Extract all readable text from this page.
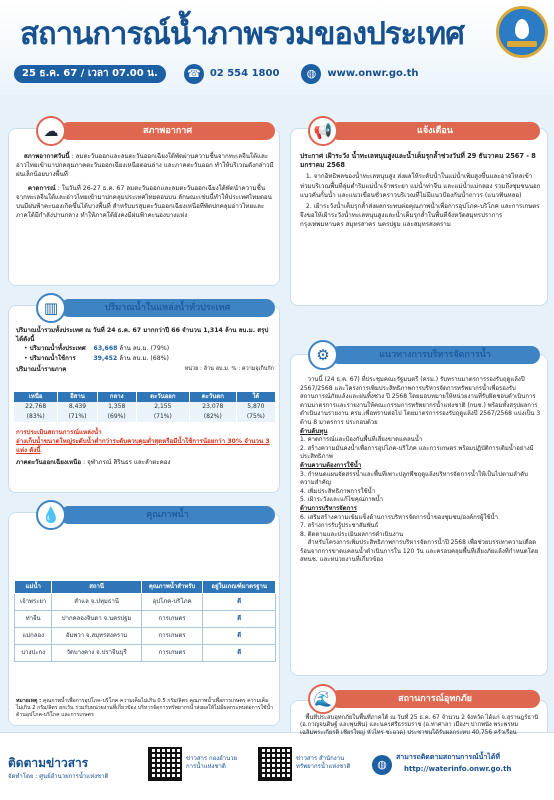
สถานการณ์น้ำภาพรวมของประเทศ
25 ธ.ค. 67 / เวลา 07.00 น.	☎ 02 554 1800	◍	www.onwr.go.th
สภาพอากาศ
☁

สภาพอากาศวันนี้ : ลมตะวันออกและลมตะวันออกเฉียงใต้พัดผ่านความชื้นจากทะเลจีนใต้และอ่าวไทยเข้ามาปกคลุมภาคตะวันออกเฉียงเหนือตอนล่าง และภาคตะวันออก ทำให้บริเวณดังกล่าวมีฝนเล็กน้อยบางพื้นที่

คาดการณ์ : ในวันที่ 26-27 ธ.ค. 67 ลมตะวันออกและลมตะวันออกเฉียงใต้พัดนำความชื้นจากทะเลจีนใต้และอ่าวไทยเข้ามาปกคลุมประเทศไทยตอนบน ลักษณะเช่นนี้ทำให้ประเทศไทยตอนบนมีฝนฟ้าคะนองเกิดขึ้นได้บางพื้นที่ สำหรับมรสุมตะวันออกเฉียงเหนือที่พัดปกคลุมอ่าวไทยและภาคใต้มีกำลังปานกลาง ทำให้ภาคใต้ยังคงมีฝนฟ้าคะนองบางแห่ง

ปริมาณน้ำในแหล่งน้ำทั่วประเทศ
▥

ปริมาณน้ำรวมทั้งประเทศ ณ วันที่ 24 ธ.ค. 67 มากกว่าปี 66 จำนวน 1,314 ล้าน ลบ.ม. สรุปได้ดังนี้

• ปริมาณน้ำทั้งประเทศ 63,668 ล้าน ลบ.ม. (79%)

• ปริมาณน้ำใช้การ	39,452 ล้าน ลบ.ม. (68%)

ปริมาณน้ำรายภาค	หน่วย : ล้าน ลบ.ม. % : ความจุเก็บกัก
เหนือ	อีสาน	กลาง	ตะวันออก	ตะวันตก	ใต้
22,768	8,439	1,358	2,155	23,078	5,870
(83%)	(71%)	(69%)	(71%)	(82%)	(75%)

การประเมินสถานการณ์แหล่งน้ำ

อ่างเก็บน้ำขนาดใหญ่ระดับน้ำต่ำกว่าระดับควบคุมต่ำสุดหรือมีน้ำใช้การน้อยกว่า 30% จำนวน 3 แห่ง ดังนี้

ภาคตะวันออกเฉียงเหนือ : จุฬาภรณ์ สิรินธร และลำตะคอง

คุณภาพน้ำ
💧
แม่น้ำ	สถานี	คุณภาพน้ำสำหรับ	อยู่ในเกณฑ์มาตรฐาน
เจ้าพระยา	สำแล จ.ปทุมธานี	อุปโภค-บริโภค	ดี
ท่าจีน	ปากคลองจินดา จ.นครปฐม	การเกษตร	ดี
แม่กลอง	อัมพวา จ.สมุทรสงคราม	การเกษตร	ดี
บางปะกง	วัดบางคาง จ.ปราจีนบุรี	การเกษตร	ดี
หมายเหตุ : คุณภาพน้ำเพื่อการอุปโภค-บริโภค ความเค็มไม่เกิน 0.5 กรัม/ลิตร คุณภาพน้ำเพื่อการเกษตร ความเค็มไม่เกิน 2 กรัม/ลิตร ยกเว้น ร่วมกับหน่วยงานที่เกี่ยวข้อง บริหารจัดการทรัพยากรน้ำส่งผลให้ไม่มีผลกระทบต่อการใช้น้ำด้านอุปโภค-บริโภค และการเกษตร
แจ้งเตือน
📢

ประกาศ เฝ้าระวัง น้ำทะเลหนุนสูงและน้ำเค็มรุกล้ำช่วงวันที่ 29 ธันวาคม 2567 - 8 มกราคม 2568

1. จากอิทธิพลของน้ำทะเลหนุนสูง ส่งผลให้ระดับน้ำในแม่น้ำเพิ่มสูงขึ้นและอาจไหลเข้าท่วมบริเวณพื้นที่ลุ่มต่ำริมแม่น้ำเจ้าพระยา แม่น้ำท่าจีน และแม่น้ำแม่กลอง รวมถึงชุมชนนอกแนวคันกั้นน้ำ และแนวเขื่อนชั่วคราวบริเวณที่ไม่มีแนวป้องกันน้ำถาวร (แนวฟันหลอ)

2. เฝ้าระวังน้ำเค็มรุกล้ำส่งผลกระทบต่อคุณภาพน้ำเพื่อการอุปโภค-บริโภค และการเกษตร จึงขอให้เฝ้าระวังน้ำทะเลหนุนสูงและน้ำเค็มรุกล้ำในพื้นที่จังหวัดสมุทรปราการ กรุงเทพมหานคร สมุทรสาคร นครปฐม และสมุทรสงคราม

แนวทางการบริหารจัดการน้ำ
⚙

วานนี้ (24 ธ.ค. 67) ที่ประชุมคณะรัฐมนตรี (ครม.) รับทราบมาตรการรองรับฤดูแล้งปี 2567/2568 และโครงการเพิ่มประสิทธิภาพการบริหารจัดการทรัพยากรน้ำเพื่อรองรับสถานการณ์ภัยแล้งและฝนทิ้งช่วง ปี 2568 โดยมอบหมายให้หน่วยงานที่รับผิดชอบดำเนินการตามมาตรการและรายงานให้คณะกรรมการทรัพยากรน้ำแห่งชาติ (กนช.) พร้อมทั้งสรุปผลการดำเนินงานรายงาน ครม.เพื่อทราบต่อไป โดยมาตรการรองรับฤดูแล้งปี 2567/2568 แบ่งเป็น 3 ด้าน 8 มาตรการ ประกอบด้วย

ด้านต้นทุน

1. คาดการณ์และป้องกันพื้นที่เสี่ยงขาดแคลนน้ำ

2. สร้างความมั่นคงน้ำเพื่อการอุปโภค-บริโภค และการเกษตร พร้อมปฏิบัติการเติมน้ำอย่างมีประสิทธิภาพ

ด้านความต้องการใช้น้ำ

3. กำหนดแผนจัดสรรน้ำและพื้นที่เพาะปลูกพืชฤดูแล้งบริหารจัดการน้ำให้เป็นไปตามลำดับความสำคัญ

4. เพิ่มประสิทธิภาพการใช้น้ำ

5. เฝ้าระวังและแก้ไขคุณภาพน้ำ

ด้านการบริหารจัดการ

6. เสริมสร้างความเข้มแข็งด้านการบริหารจัดการน้ำของชุมชน/องค์กรผู้ใช้น้ำ

7. สร้างการรับรู้ประชาสัมพันธ์

8. ติดตามและประเมินผลการดำเนินงาน

สำหรับโครงการเพิ่มประสิทธิภาพการบริหารจัดการน้ำปี 2568 เพื่อช่วยบรรเทาความเดือดร้อนจากการขาดแคลนน้ำดำเนินการใน 120 วัน และครอบคลุมพื้นที่เสี่ยงภัยแล้งที่กำหนดโดย สทนช. และหน่วยงานที่เกี่ยวข้อง

สถานการณ์อุทกภัย
🌊
พื้นที่ประสบอุทกภัยในพื้นที่ภาคใต้ ณ วันที่ 25 ธ.ค. 67 จำนวน 2 จังหวัด ได้แก่ จ.สุราษฎร์ธานี (อ.กาญจนดิษฐ์ และพุนพิน) และนครศรีธรรมราช (อ.ท่าศาลา เมืองฯ ปากพนัง พระพรหม เฉลิมพระเกียรติ เชียรใหญ่ หัวไทร ชะอวด) ประชาชนได้รับผลกระทบ 40,756 ครัวเรือน
ติดตามข่าวสาร
จัดทำโดย : ศูนย์อำนวยการน้ำแห่งชาติ
ข่าวสาร กองอำนวยการน้ำแห่งชาติ
ข่าวสาร สำนักงานทรัพยากรน้ำแห่งชาติ	◍
สามารถติดตามสถานการณ์น้ำได้ที่
http://waterinfo.onwr.go.th
